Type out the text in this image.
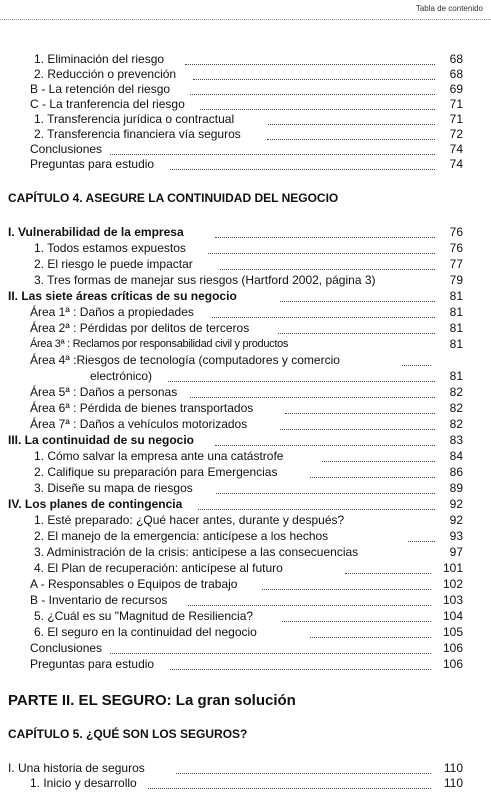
Tabla de contenido
1. Eliminación del riesgo	68
2. Reducción o prevención	68
B - La retención del riesgo	69
C - La tranferencia del riesgo	71
1. Transferencia jurídica o contractual	71
2. Transferencia financiera vía seguros	72
Conclusiones	74
Preguntas para estudio	74
CAPÍTULO 4. ASEGURE LA CONTINUIDAD DEL NEGOCIO
I. Vulnerabilidad de la empresa	76
1. Todos estamos expuestos	76
2. El riesgo le puede impactar	77
3. Tres formas de manejar sus riesgos (Hartford 2002, página 3)	79
II. Las siete áreas críticas de su negocio	81
Área 1ª : Daños a propiedades	81
Área 2ª : Pérdidas por delitos de terceros	81
Área 3ª : Reclamos por responsabilidad civil y productos	81
Área 4ª :Riesgos de tecnología (computadores y comercio
electrónico)	81
Área 5ª : Daños a personas	82
Área 6ª : Pérdida de bienes transportados	82
Área 7ª : Daños a vehículos motorizados	82
III. La continuidad de su negocio	83
1. Cómo salvar la empresa ante una catástrofe	84
2. Califique su preparación para Emergencias	86
3. Diseñe su mapa de riesgos	89
IV. Los planes de contingencia	92
1. Esté preparado: ¿Qué hacer antes, durante y después?	92
2. El manejo de la emergencia: anticípese a los hechos	93
3. Administración de la crisis: anticípese a las consecuencias	97
4. El Plan de recuperación: anticípese al futuro	101
A - Responsables o Equipos de trabajo	102
B - Inventario de recursos	103
5. ¿Cuál es su "Magnitud de Resiliencia?	104
6. El seguro en la continuidad del negocio	105
Conclusiones	106
Preguntas para estudio	106
PARTE II. EL SEGURO: La gran solución
CAPÍTULO 5. ¿QUÉ SON LOS SEGUROS?
I. Una historia de seguros	110
1. Inicio y desarrollo	110
